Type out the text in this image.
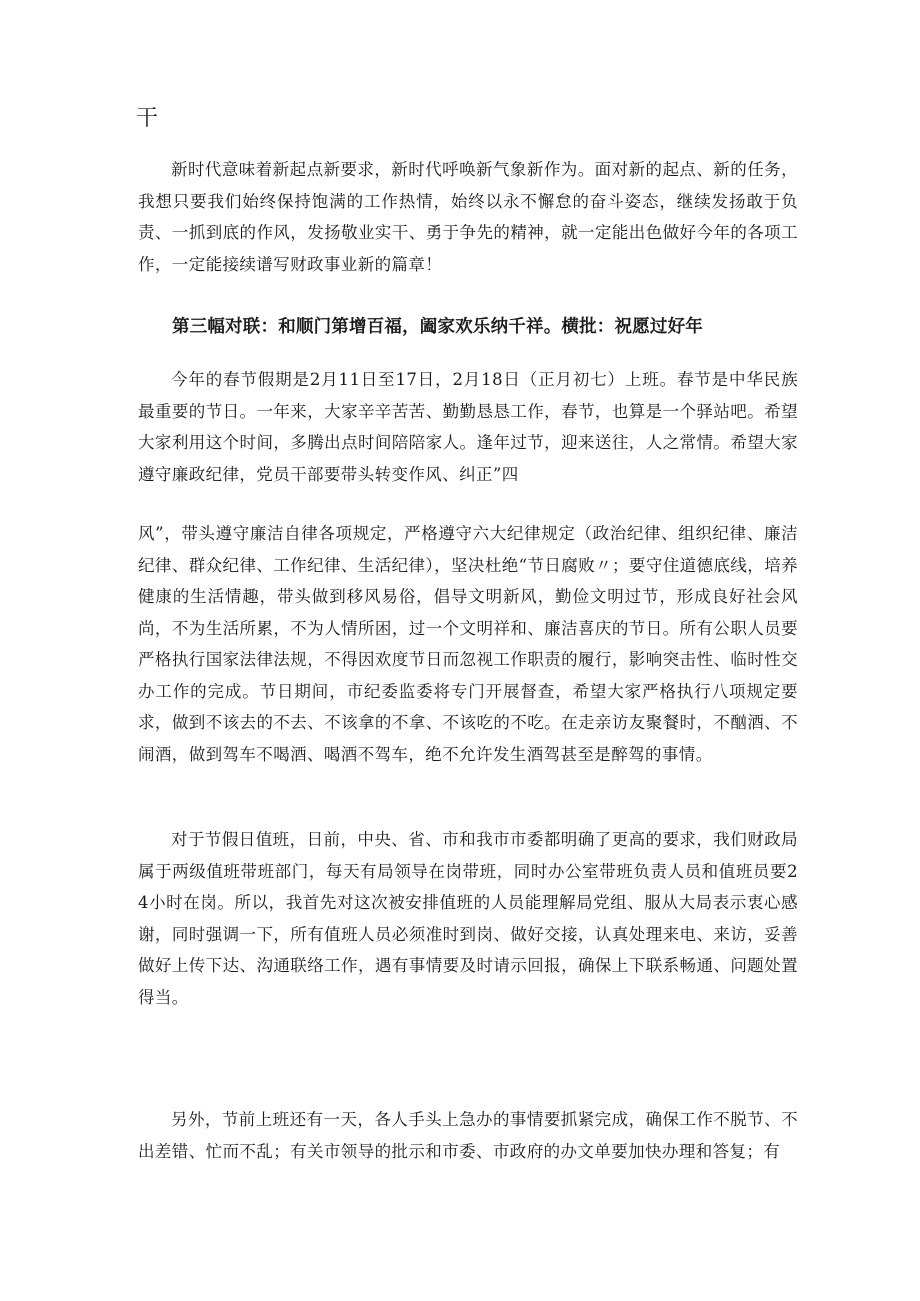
干

新时代意味着新起点新要求，新时代呼唤新气象新作为。面对新的起点、新的任务，我想只要我们始终保持饱满的工作热情，始终以永不懈怠的奋斗姿态，继续发扬敢于负责、一抓到底的作风，发扬敬业实干、勇于争先的精神，就一定能出色做好今年的各项工作，一定能接续谱写财政事业新的篇章！

第三幅对联：和顺门第增百福，阖家欢乐纳千祥。横批：祝愿过好年

今年的春节假期是2月11日至17日，2月18日（正月初七）上班。春节是中华民族最重要的节日。一年来，大家辛辛苦苦、勤勤恳恳工作，春节，也算是一个驿站吧。希望大家利用这个时间，多腾出点时间陪陪家人。逢年过节，迎来送往，人之常情。希望大家遵守廉政纪律，党员干部要带头转变作风、纠正”四

风”，带头遵守廉洁自律各项规定，严格遵守六大纪律规定（政治纪律、组织纪律、廉洁纪律、群众纪律、工作纪律、生活纪律），坚决杜绝“节日腐败〃；要守住道德底线，培养健康的生活情趣，带头做到移风易俗，倡导文明新风，勤俭文明过节，形成良好社会风尚，不为生活所累，不为人情所困，过一个文明祥和、廉洁喜庆的节日。所有公职人员要严格执行国家法律法规，不得因欢度节日而忽视工作职责的履行，影响突击性、临时性交办工作的完成。节日期间，市纪委监委将专门开展督查，希望大家严格执行八项规定要求，做到不该去的不去、不该拿的不拿、不该吃的不吃。在走亲访友聚餐时，不酗酒、不闹酒，做到驾车不喝酒、喝酒不驾车，绝不允许发生酒驾甚至是醉驾的事情。

对于节假日值班，日前，中央、省、市和我市市委都明确了更高的要求，我们财政局属于两级值班带班部门，每天有局领导在岗带班，同时办公室带班负责人员和值班员要24小时在岗。所以，我首先对这次被安排值班的人员能理解局党组、服从大局表示衷心感谢，同时强调一下，所有值班人员必须准时到岗、做好交接，认真处理来电、来访，妥善做好上传下达、沟通联络工作，遇有事情要及时请示回报，确保上下联系畅通、问题处置得当。

另外，节前上班还有一天，各人手头上急办的事情要抓紧完成，确保工作不脱节、不出差错、忙而不乱；有关市领导的批示和市委、市政府的办文单要加快办理和答复；有
